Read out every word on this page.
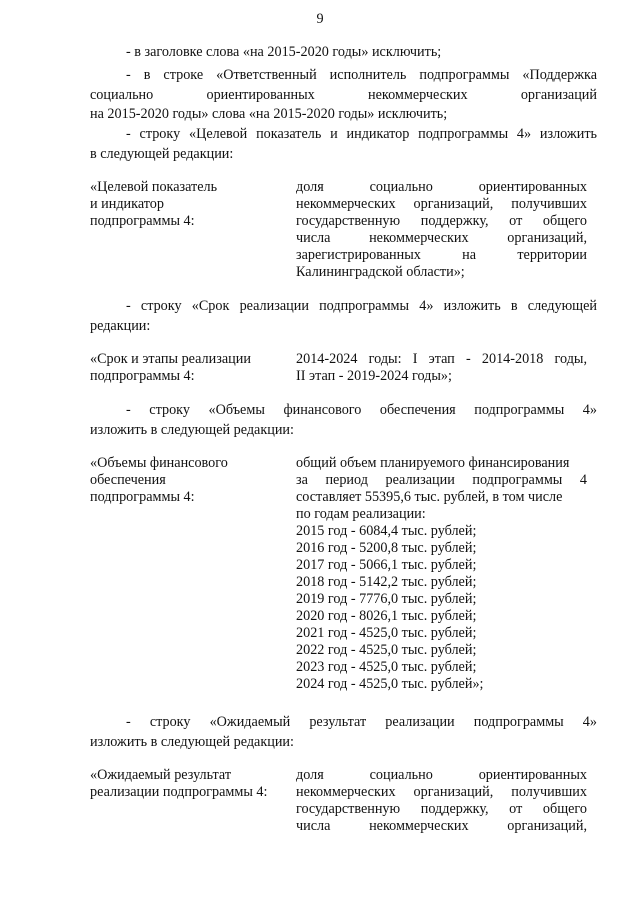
9
- в заголовке слова «на 2015-2020 годы» исключить;
- в строке «Ответственный исполнитель подпрограммы «Поддержка
социально ориентированных некоммерческих организаций
на 2015-2020 годы» слова «на 2015-2020 годы» исключить;
- строку «Целевой показатель и индикатор подпрограммы 4» изложить
в следующей редакции:
«Целевой показатель
и индикатор
подпрограммы 4:
доля социально ориентированных
некоммерческих организаций, получивших
государственную поддержку, от общего
числа некоммерческих организаций,
зарегистрированных на территории
Калининградской области»;
- строку «Срок реализации подпрограммы 4» изложить в следующей
редакции:
«Срок и этапы реализации
подпрограммы 4:
2014-2024 годы: I этап - 2014-2018 годы,
II этап - 2019-2024 годы»;
- строку «Объемы финансового обеспечения подпрограммы 4»
изложить в следующей редакции:
«Объемы финансового
обеспечения
подпрограммы 4:
общий объем планируемого финансирования
за период реализации подпрограммы 4
составляет 55395,6 тыс. рублей, в том числе
по годам реализации:
2015 год - 6084,4 тыс. рублей;
2016 год - 5200,8 тыс. рублей;
2017 год - 5066,1 тыс. рублей;
2018 год - 5142,2 тыс. рублей;
2019 год - 7776,0 тыс. рублей;
2020 год - 8026,1 тыс. рублей;
2021 год - 4525,0 тыс. рублей;
2022 год - 4525,0 тыс. рублей;
2023 год - 4525,0 тыс. рублей;
2024 год - 4525,0 тыс. рублей»;
- строку «Ожидаемый результат реализации подпрограммы 4»
изложить в следующей редакции:
«Ожидаемый результат
реализации подпрограммы 4:
доля социально ориентированных
некоммерческих организаций, получивших
государственную поддержку, от общего
числа некоммерческих организаций,
